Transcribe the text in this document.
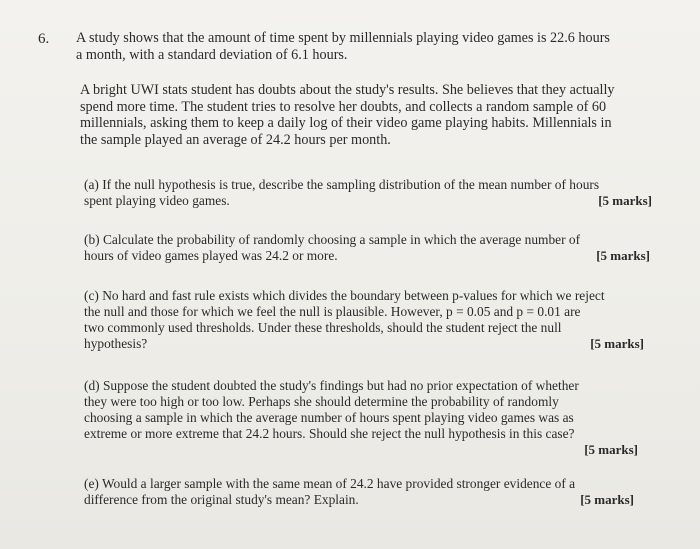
6. A study shows that the amount of time spent by millennials playing video games is 22.6 hours
a month, with a standard deviation of 6.1 hours.
A bright UWI stats student has doubts about the study's results. She believes that they actually
spend more time. The student tries to resolve her doubts, and collects a random sample of 60
millennials, asking them to keep a daily log of their video game playing habits. Millennials in
the sample played an average of 24.2 hours per month.
(a) If the null hypothesis is true, describe the sampling distribution of the mean number of hours
spent playing video games.	[5 marks]
(b) Calculate the probability of randomly choosing a sample in which the average number of
hours of video games played was 24.2 or more.	[5 marks]
(c) No hard and fast rule exists which divides the boundary between p-values for which we reject
the null and those for which we feel the null is plausible. However, p = 0.05 and p = 0.01 are
two commonly used thresholds. Under these thresholds, should the student reject the null
hypothesis?	[5 marks]
(d) Suppose the student doubted the study's findings but had no prior expectation of whether
they were too high or too low. Perhaps she should determine the probability of randomly
choosing a sample in which the average number of hours spent playing video games was as
extreme or more extreme that 24.2 hours. Should she reject the null hypothesis in this case?
[5 marks]
(e) Would a larger sample with the same mean of 24.2 have provided stronger evidence of a
difference from the original study's mean? Explain.	[5 marks]
